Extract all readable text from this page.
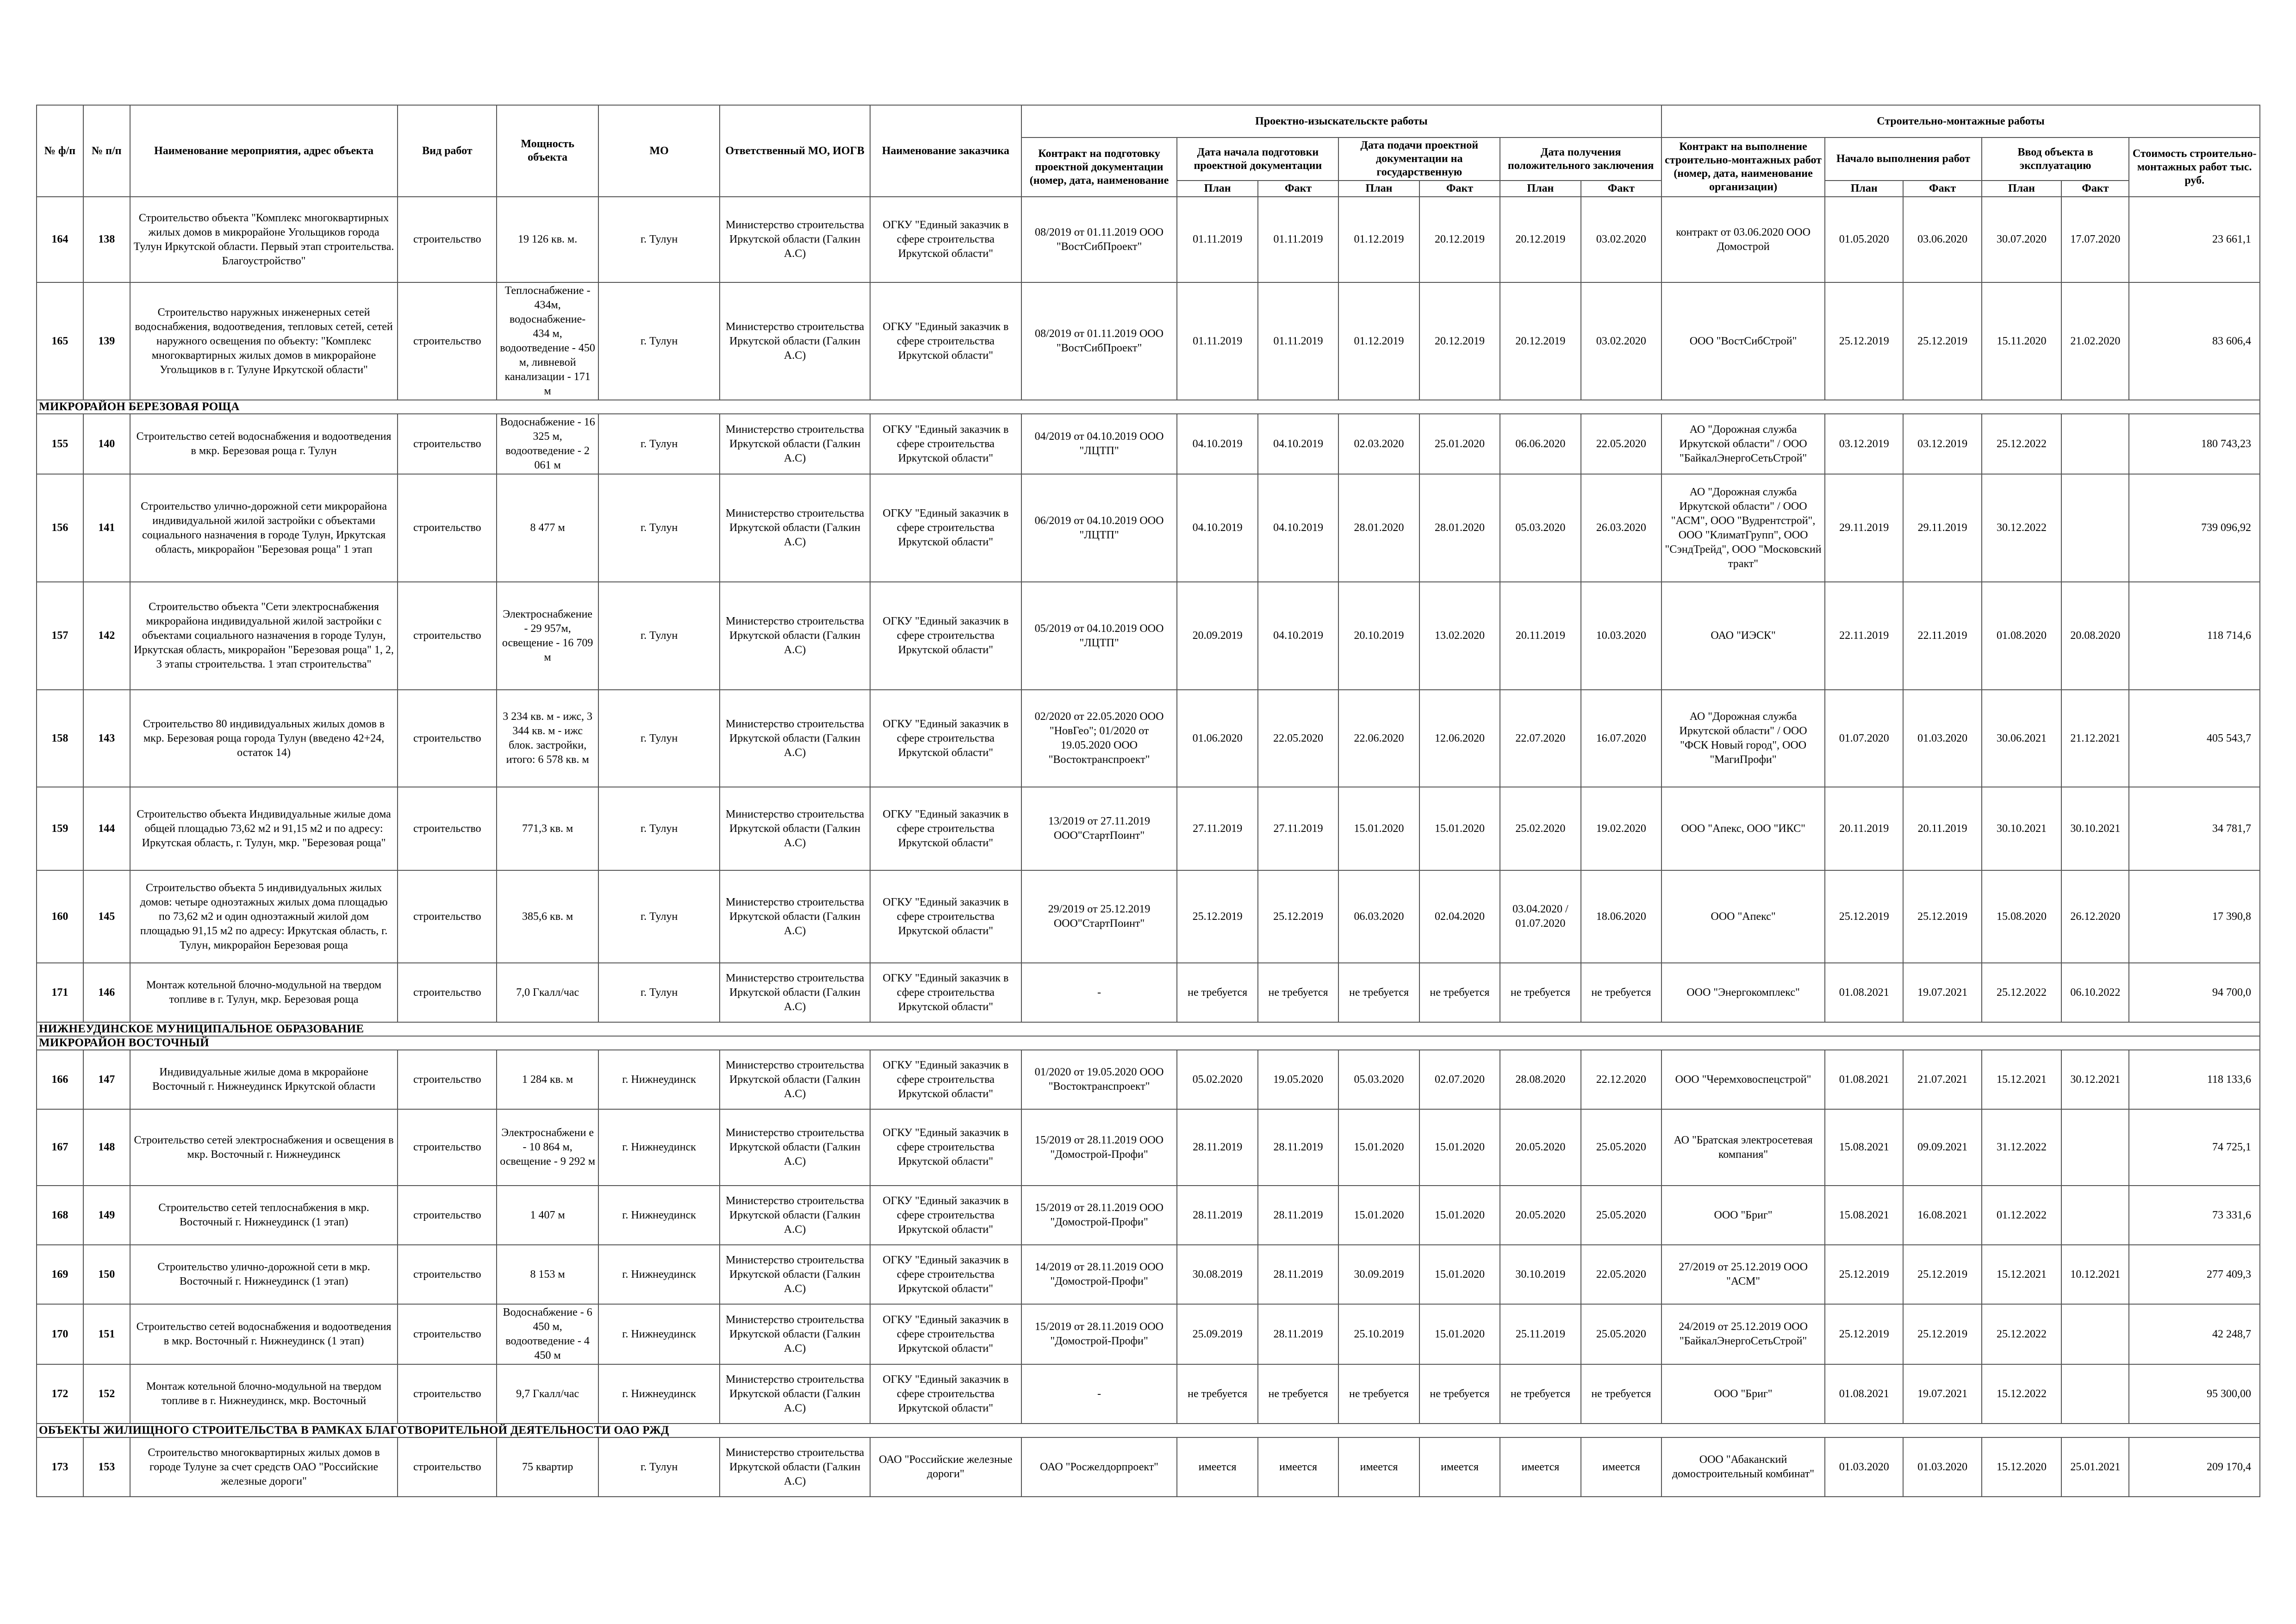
№ ф/п	№ п/п	Наименование мероприятия, адрес объекта	Вид работ	Мощность объекта	МО	Ответственный МО, ИОГВ	Наименование заказчика	Проектно-изыскательсктe работы							Строительно-монтажные работы					
								Контракт на подготовку проектной документации (номер, дата, наименование	Дата начала подготовки проектной документации		Дата подачи проектной документации на государственную		Дата получения положительного заключения		Контракт на выполнение строительно-монтажных работ (номер, дата, наименование организации)	Начало выполнения работ		Ввод объекта в эксплуатацию		Стоимость строительно-монтажных работ тыс. руб.
									План	Факт	План	Факт	План	Факт		План	Факт	План	Факт	
164	138	Строительство объекта "Комплекс многоквартирных жилых домов в микрорайоне Угольщиков города Тулун Иркутской области. Первый этап строительства. Благоустройство"	строительство	19 126 кв. м.	г. Тулун	Министерство строительства Иркутской области (Галкин А.С)	ОГКУ "Единый заказчик в сфере строительства Иркутской области"	08/2019 от 01.11.2019 ООО "ВостСибПроект"	01.11.2019	01.11.2019	01.12.2019	20.12.2019	20.12.2019	03.02.2020	контракт от 03.06.2020 ООО Домострой	01.05.2020	03.06.2020	30.07.2020	17.07.2020	23 661,1
165	139	Строительство наружных инженерных сетей водоснабжения, водоотведения, тепловых сетей, сетей наружного освещения по объекту: "Комплекс многоквартирных жилых домов в микрорайоне Угольщиков в г. Тулуне Иркутской области"	строительство	Теплоснабжение - 434м, водоснабжение- 434 м, водоотведение - 450 м, ливневой канализации - 171 м	г. Тулун	Министерство строительства Иркутской области (Галкин А.С)	ОГКУ "Единый заказчик в сфере строительства Иркутской области"	08/2019 от 01.11.2019 ООО "ВостСибПроект"	01.11.2019	01.11.2019	01.12.2019	20.12.2019	20.12.2019	03.02.2020	ООО "ВостСибСтрой"	25.12.2019	25.12.2019	15.11.2020	21.02.2020	83 606,4
МИКРОРАЙОН БЕРЕЗОВАЯ РОЩА																				
155	140	Строительство сетей водоснабжения и водоотведения в мкр. Березовая роща г. Тулун	строительство	Водоснабжение - 16 325 м, водоотведение - 2 061 м	г. Тулун	Министерство строительства Иркутской области (Галкин А.С)	ОГКУ "Единый заказчик в сфере строительства Иркутской области"	04/2019 от 04.10.2019 ООО "ЛЦТП"	04.10.2019	04.10.2019	02.03.2020	25.01.2020	06.06.2020	22.05.2020	АО "Дорожная служба Иркутской области" / ООО "БайкалЭнергоСетьСтрой"	03.12.2019	03.12.2019	25.12.2022		180 743,23
156	141	Строительство улично-дорожной сети микрорайона индивидуальной жилой застройки с объектами социального назначения в городе Тулун, Иркутская область, микрорайон "Березовая роща" 1 этап	строительство	8 477 м	г. Тулун	Министерство строительства Иркутской области (Галкин А.С)	ОГКУ "Единый заказчик в сфере строительства Иркутской области"	06/2019 от 04.10.2019 ООО "ЛЦТП"	04.10.2019	04.10.2019	28.01.2020	28.01.2020	05.03.2020	26.03.2020	АО "Дорожная служба Иркутской области" / ООО "АСМ", ООО "Вудрентстрой", ООО "КлиматГрупп", ООО "СэндТрейд", ООО "Московский тракт"	29.11.2019	29.11.2019	30.12.2022		739 096,92
157	142	Строительство объекта "Сети электроснабжения микрорайона индивидуальной жилой застройки с объектами социального назначения в городе Тулун, Иркутская область, микрорайон "Березовая роща" 1, 2, 3 этапы строительства. 1 этап строительства"	строительство	Электроснабжение - 29 957м, освещение - 16 709 м	г. Тулун	Министерство строительства Иркутской области (Галкин А.С)	ОГКУ "Единый заказчик в сфере строительства Иркутской области"	05/2019 от 04.10.2019 ООО "ЛЦТП"	20.09.2019	04.10.2019	20.10.2019	13.02.2020	20.11.2019	10.03.2020	ОАО "ИЭСК"	22.11.2019	22.11.2019	01.08.2020	20.08.2020	118 714,6
158	143	Строительство 80 индивидуальных жилых домов в мкр. Березовая роща города Тулун (введено 42+24, остаток 14)	строительство	3 234 кв. м - ижс, 3 344 кв. м - ижс блок. застройки, итого: 6 578 кв. м	г. Тулун	Министерство строительства Иркутской области (Галкин А.С)	ОГКУ "Единый заказчик в сфере строительства Иркутской области"	02/2020 от 22.05.2020 ООО "НовГео"; 01/2020 от 19.05.2020 ООО "Востоктранспроект"	01.06.2020	22.05.2020	22.06.2020	12.06.2020	22.07.2020	16.07.2020	АО "Дорожная служба Иркутской области" / ООО "ФСК Новый город", ООО "МагиПрофи"	01.07.2020	01.03.2020	30.06.2021	21.12.2021	405 543,7
159	144	Строительство объекта Индивидуальные жилые дома общей площадью 73,62 м2 и 91,15 м2 и по адресу: Иркутская область, г. Тулун, мкр. "Березовая роща"	строительство	771,3 кв. м	г. Тулун	Министерство строительства Иркутской области (Галкин А.С)	ОГКУ "Единый заказчик в сфере строительства Иркутской области"	13/2019 от 27.11.2019 ООО"СтартПоинт"	27.11.2019	27.11.2019	15.01.2020	15.01.2020	25.02.2020	19.02.2020	ООО "Апекс, ООО "ИКС"	20.11.2019	20.11.2019	30.10.2021	30.10.2021	34 781,7
160	145	Строительство объекта 5 индивидуальных жилых домов: четыре одноэтажных жилых дома площадью по 73,62 м2 и один одноэтажный жилой дом площадью 91,15 м2 по адресу: Иркутская область, г. Тулун, микрорайон Березовая роща	строительство	385,6 кв. м	г. Тулун	Министерство строительства Иркутской области (Галкин А.С)	ОГКУ "Единый заказчик в сфере строительства Иркутской области"	29/2019 от 25.12.2019 ООО"СтартПоинт"	25.12.2019	25.12.2019	06.03.2020	02.04.2020	03.04.2020 / 01.07.2020	18.06.2020	ООО "Апекс"	25.12.2019	25.12.2019	15.08.2020	26.12.2020	17 390,8
171	146	Монтаж котельной блочно-модульной на твердом топливе в г. Тулун, мкр. Березовая роща	строительство	7,0 Гкалл/час	г. Тулун	Министерство строительства Иркутской области (Галкин А.С)	ОГКУ "Единый заказчик в сфере строительства Иркутской области"	-	не требуется	не требуется	не требуется	не требуется	не требуется	не требуется	ООО "Энергокомплекс"	01.08.2021	19.07.2021	25.12.2022	06.10.2022	94 700,0
НИЖНЕУДИНСКОЕ МУНИЦИПАЛЬНОЕ ОБРАЗОВАНИЕ																				
МИКРОРАЙОН ВОСТОЧНЫЙ																				
166	147	Индивидуальные жилые дома в мкрорайоне Восточный г. Нижнеудинск Иркутской области	строительство	1 284 кв. м	г. Нижнеудинск	Министерство строительства Иркутской области (Галкин А.С)	ОГКУ "Единый заказчик в сфере строительства Иркутской области"	01/2020 от 19.05.2020 ООО "Востоктранспроект"	05.02.2020	19.05.2020	05.03.2020	02.07.2020	28.08.2020	22.12.2020	ООО "Черемховоспецстрой"	01.08.2021	21.07.2021	15.12.2021	30.12.2021	118 133,6
167	148	Строительство сетей электроснабжения и освещения в мкр. Восточный г. Нижнеудинск	строительство	Электроснабжени е - 10 864 м, освещение - 9 292 м	г. Нижнеудинск	Министерство строительства Иркутской области (Галкин А.С)	ОГКУ "Единый заказчик в сфере строительства Иркутской области"	15/2019 от 28.11.2019 ООО "Домострой-Профи"	28.11.2019	28.11.2019	15.01.2020	15.01.2020	20.05.2020	25.05.2020	АО "Братская электросетевая компания"	15.08.2021	09.09.2021	31.12.2022		74 725,1
168	149	Строительство сетей теплоснабжения в мкр. Восточный г. Нижнеудинск (1 этап)	строительство	1 407 м	г. Нижнеудинск	Министерство строительства Иркутской области (Галкин А.С)	ОГКУ "Единый заказчик в сфере строительства Иркутской области"	15/2019 от 28.11.2019 ООО "Домострой-Профи"	28.11.2019	28.11.2019	15.01.2020	15.01.2020	20.05.2020	25.05.2020	ООО "Бриг"	15.08.2021	16.08.2021	01.12.2022		73 331,6
169	150	Строительство улично-дорожной сети в мкр. Восточный г. Нижнеудинск (1 этап)	строительство	8 153 м	г. Нижнеудинск	Министерство строительства Иркутской области (Галкин А.С)	ОГКУ "Единый заказчик в сфере строительства Иркутской области"	14/2019 от 28.11.2019 ООО "Домострой-Профи"	30.08.2019	28.11.2019	30.09.2019	15.01.2020	30.10.2019	22.05.2020	27/2019 от 25.12.2019 ООО "АСМ"	25.12.2019	25.12.2019	15.12.2021	10.12.2021	277 409,3
170	151	Строительство сетей водоснабжения и водоотведения в мкр. Восточный г. Нижнеудинск (1 этап)	строительство	Водоснабжение - 6 450 м, водоотведение - 4 450 м	г. Нижнеудинск	Министерство строительства Иркутской области (Галкин А.С)	ОГКУ "Единый заказчик в сфере строительства Иркутской области"	15/2019 от 28.11.2019 ООО "Домострой-Профи"	25.09.2019	28.11.2019	25.10.2019	15.01.2020	25.11.2019	25.05.2020	24/2019 от 25.12.2019 ООО "БайкалЭнергоСетьСтрой"	25.12.2019	25.12.2019	25.12.2022		42 248,7
172	152	Монтаж котельной блочно-модульной на твердом топливе в г. Нижнеудинск, мкр. Восточный	строительство	9,7 Гкалл/час	г. Нижнеудинск	Министерство строительства Иркутской области (Галкин А.С)	ОГКУ "Единый заказчик в сфере строительства Иркутской области"	-	не требуется	не требуется	не требуется	не требуется	не требуется	не требуется	ООО "Бриг"	01.08.2021	19.07.2021	15.12.2022		95 300,00
ОБЪЕКТЫ ЖИЛИЩНОГО СТРОИТЕЛЬСТВА В РАМКАХ БЛАГОТВОРИТЕЛЬНОЙ ДЕЯТЕЛЬНОСТИ ОАО РЖД																				
173	153	Строительство многоквартирных жилых домов в городе Тулуне за счет средств ОАО "Российские железные дороги"	строительство	75 квартир	г. Тулун	Министерство строительства Иркутской области (Галкин А.С)	ОАО "Российские железные дороги"	ОАО "Росжелдорпроект"	имеется	имеется	имеется	имеется	имеется	имеется	ООО "Абаканский домостроительный комбинат"	01.03.2020	01.03.2020	15.12.2020	25.01.2021	209 170,4
